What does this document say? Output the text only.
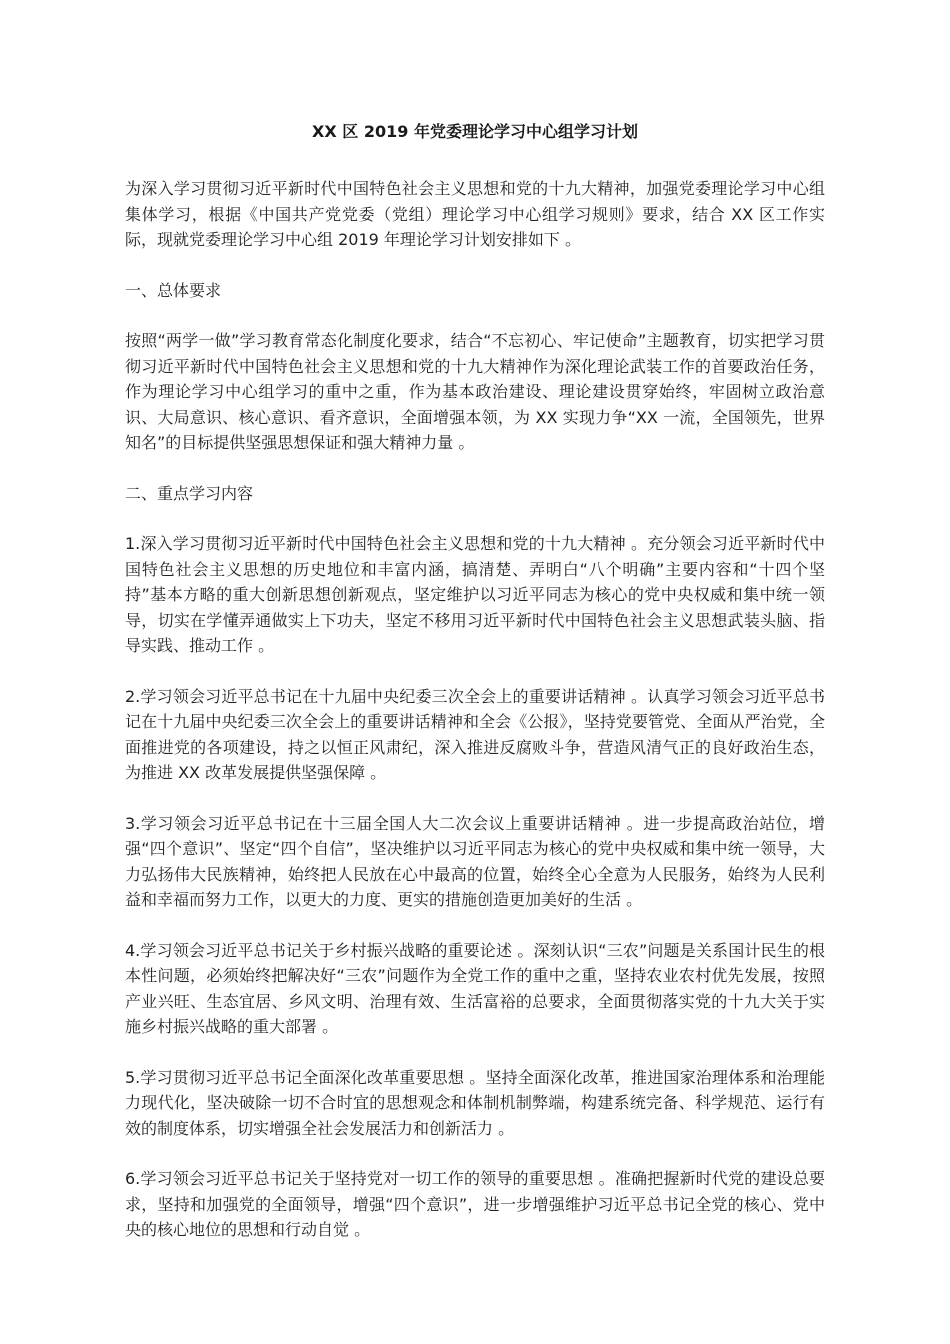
XX 区 2019 年党委理论学习中心组学习计划

为深入学习贯彻习近平新时代中国特色社会主义思想和党的十九大精神，加强党委理论学习中心组集体学习，根据《中国共产党党委（党组）理论学习中心组学习规则》要求，结合 XX 区工作实际，现就党委理论学习中心组 2019 年理论学习计划安排如下 。

一、总体要求

按照“两学一做”学习教育常态化制度化要求，结合“不忘初心、牢记使命”主题教育，切实把学习贯彻习近平新时代中国特色社会主义思想和党的十九大精神作为深化理论武装工作的首要政治任务，作为理论学习中心组学习的重中之重，作为基本政治建设、理论建设贯穿始终，牢固树立政治意识、大局意识、核心意识、看齐意识，全面增强本领，为 XX 实现力争“XX 一流，全国领先，世界知名”的目标提供坚强思想保证和强大精神力量 。

二、重点学习内容

1.深入学习贯彻习近平新时代中国特色社会主义思想和党的十九大精神 。充分领会习近平新时代中国特色社会主义思想的历史地位和丰富内涵，搞清楚、弄明白“八个明确”主要内容和“十四个坚持”基本方略的重大创新思想创新观点，坚定维护以习近平同志为核心的党中央权威和集中统一领导，切实在学懂弄通做实上下功夫，坚定不移用习近平新时代中国特色社会主义思想武装头脑、指导实践、推动工作 。

2.学习领会习近平总书记在十九届中央纪委三次全会上的重要讲话精神 。认真学习领会习近平总书记在十九届中央纪委三次全会上的重要讲话精神和全会《公报》，坚持党要管党、全面从严治党，全面推进党的各项建设，持之以恒正风肃纪，深入推进反腐败斗争，营造风清气正的良好政治生态，为推进 XX 改革发展提供坚强保障 。

3.学习领会习近平总书记在十三届全国人大二次会议上重要讲话精神 。进一步提高政治站位，增强“四个意识”、坚定“四个自信”，坚决维护以习近平同志为核心的党中央权威和集中统一领导，大力弘扬伟大民族精神，始终把人民放在心中最高的位置，始终全心全意为人民服务，始终为人民利益和幸福而努力工作，以更大的力度、更实的措施创造更加美好的生活 。

4.学习领会习近平总书记关于乡村振兴战略的重要论述 。深刻认识“三农”问题是关系国计民生的根本性问题，必须始终把解决好“三农”问题作为全党工作的重中之重，坚持农业农村优先发展，按照产业兴旺、生态宜居、乡风文明、治理有效、生活富裕的总要求，全面贯彻落实党的十九大关于实施乡村振兴战略的重大部署 。

5.学习贯彻习近平总书记全面深化改革重要思想 。坚持全面深化改革，推进国家治理体系和治理能力现代化，坚决破除一切不合时宜的思想观念和体制机制弊端，构建系统完备、科学规范、运行有效的制度体系，切实增强全社会发展活力和创新活力 。

6.学习领会习近平总书记关于坚持党对一切工作的领导的重要思想 。准确把握新时代党的建设总要求，坚持和加强党的全面领导，增强“四个意识”，进一步增强维护习近平总书记全党的核心、党中央的核心地位的思想和行动自觉 。
